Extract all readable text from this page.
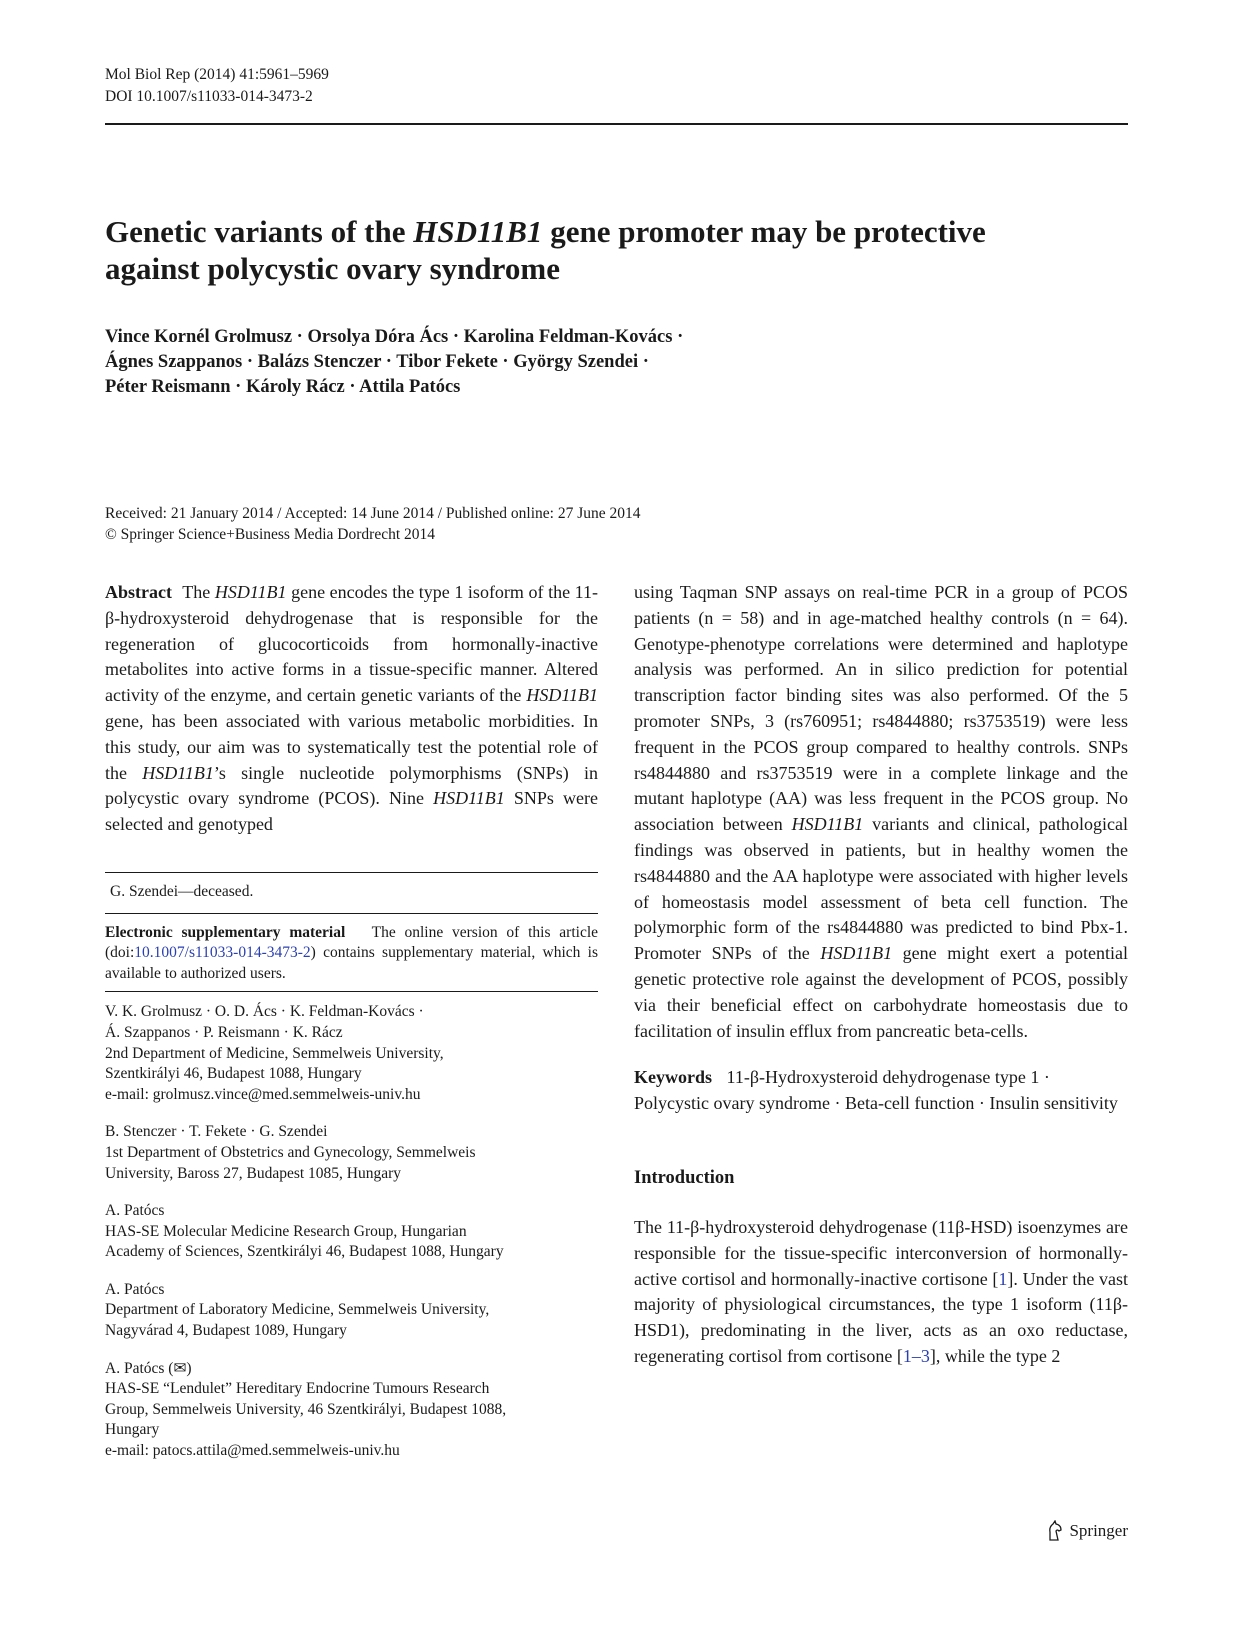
Mol Biol Rep (2014) 41:5961–5969
DOI 10.1007/s11033-014-3473-2
Genetic variants of the HSD11B1 gene promoter may be protective against polycystic ovary syndrome
Vince Kornél Grolmusz · Orsolya Dóra Ács · Karolina Feldman-Kovács ·
Ágnes Szappanos · Balázs Stenczer · Tibor Fekete · György Szendei ·
Péter Reismann · Károly Rácz · Attila Patócs
Received: 21 January 2014 / Accepted: 14 June 2014 / Published online: 27 June 2014
© Springer Science+Business Media Dordrecht 2014

Abstract The HSD11B1 gene encodes the type 1 isoform of the 11-β-hydroxysteroid dehydrogenase that is responsible for the regeneration of glucocorticoids from hormonally-inactive metabolites into active forms in a tissue-specific manner. Altered activity of the enzyme, and certain genetic variants of the HSD11B1 gene, has been associated with various metabolic morbidities. In this study, our aim was to systematically test the potential role of the HSD11B1’s single nucleotide polymorphisms (SNPs) in polycystic ovary syndrome (PCOS). Nine HSD11B1 SNPs were selected and genotyped

G. Szendei—deceased.

Electronic supplementary material The online version of this article (doi:10.1007/s11033-014-3473-2) contains supplementary material, which is available to authorized users.

V. K. Grolmusz · O. D. Ács · K. Feldman-Kovács ·
Á. Szappanos · P. Reismann · K. Rácz
2nd Department of Medicine, Semmelweis University,
Szentkirályi 46, Budapest 1088, Hungary
e-mail: grolmusz.vince@med.semmelweis-univ.hu
B. Stenczer · T. Fekete · G. Szendei
1st Department of Obstetrics and Gynecology, Semmelweis
University, Baross 27, Budapest 1085, Hungary
A. Patócs
HAS-SE Molecular Medicine Research Group, Hungarian
Academy of Sciences, Szentkirályi 46, Budapest 1088, Hungary
A. Patócs
Department of Laboratory Medicine, Semmelweis University,
Nagyvárad 4, Budapest 1089, Hungary
A. Patócs (✉)
HAS-SE “Lendulet” Hereditary Endocrine Tumours Research
Group, Semmelweis University, 46 Szentkirályi, Budapest 1088,
Hungary
e-mail: patocs.attila@med.semmelweis-univ.hu

using Taqman SNP assays on real-time PCR in a group of PCOS patients (n = 58) and in age-matched healthy controls (n = 64). Genotype-phenotype correlations were determined and haplotype analysis was performed. An in silico prediction for potential transcription factor binding sites was also performed. Of the 5 promoter SNPs, 3 (rs760951; rs4844880; rs3753519) were less frequent in the PCOS group compared to healthy controls. SNPs rs4844880 and rs3753519 were in a complete linkage and the mutant haplotype (AA) was less frequent in the PCOS group. No association between HSD11B1 variants and clinical, pathological findings was observed in patients, but in healthy women the rs4844880 and the AA haplotype were associated with higher levels of homeostasis model assessment of beta cell function. The polymorphic form of the rs4844880 was predicted to bind Pbx-1. Promoter SNPs of the HSD11B1 gene might exert a potential genetic protective role against the development of PCOS, possibly via their beneficial effect on carbohydrate homeostasis due to facilitation of insulin efflux from pancreatic beta-cells.

Keywords 11-β-Hydroxysteroid dehydrogenase type 1 · Polycystic ovary syndrome · Beta-cell function · Insulin sensitivity

Introduction

The 11-β-hydroxysteroid dehydrogenase (11β-HSD) isoenzymes are responsible for the tissue-specific interconversion of hormonally-active cortisol and hormonally-inactive cortisone [1]. Under the vast majority of physiological circumstances, the type 1 isoform (11β-HSD1), predominating in the liver, acts as an oxo reductase, regenerating cortisol from cortisone [1–3], while the type 2

Springer
